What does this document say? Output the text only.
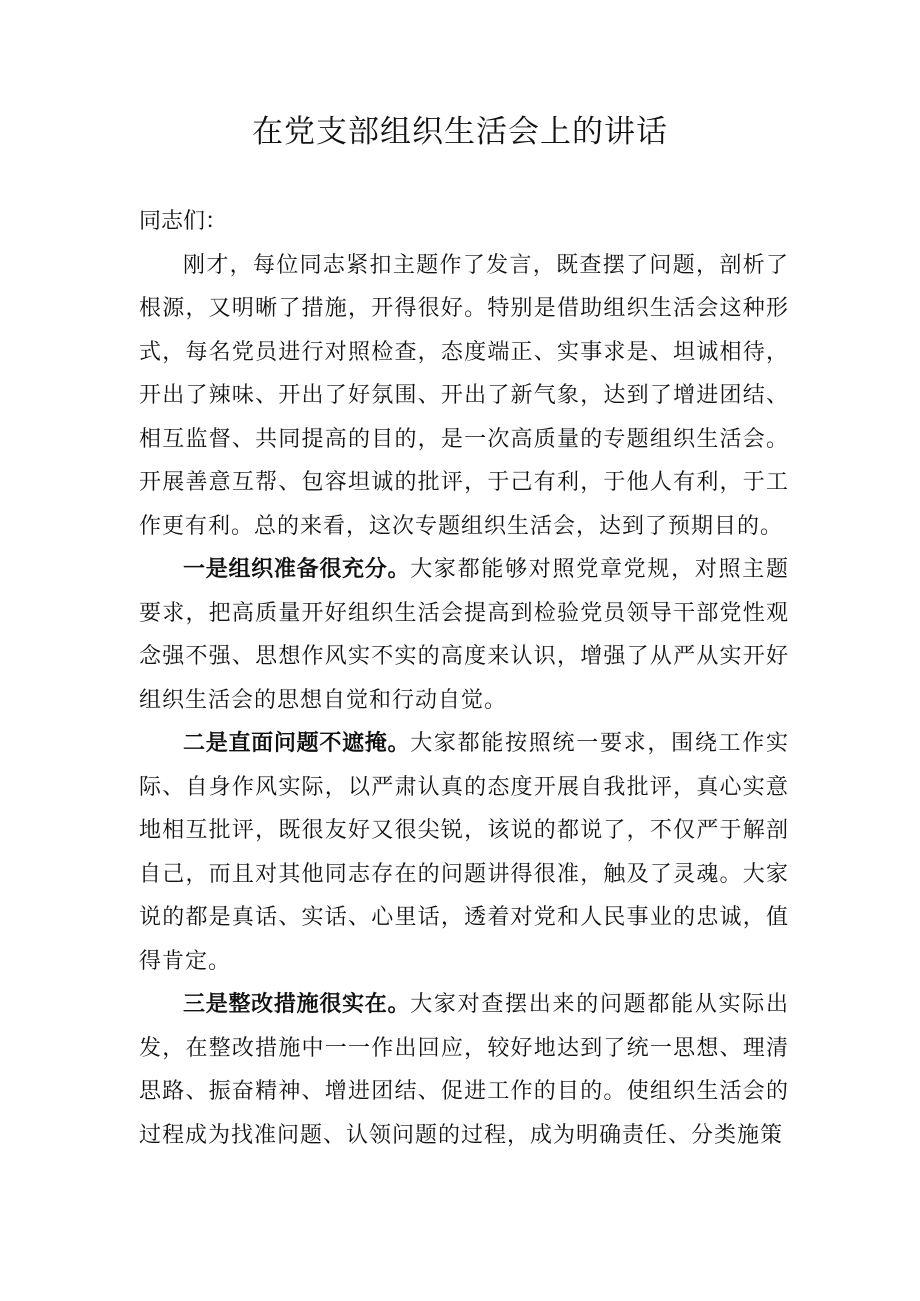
在党支部组织生活会上的讲话

同志们：

刚才，每位同志紧扣主题作了发言，既查摆了问题，剖析了根源，又明晰了措施，开得很好。特别是借助组织生活会这种形式，每名党员进行对照检查，态度端正、实事求是、坦诚相待，开出了辣味、开出了好氛围、开出了新气象，达到了增进团结、相互监督、共同提高的目的，是一次高质量的专题组织生活会。开展善意互帮、包容坦诚的批评，于己有利，于他人有利，于工作更有利。总的来看，这次专题组织生活会，达到了预期目的。

一是组织准备很充分。大家都能够对照党章党规，对照主题要求，把高质量开好组织生活会提高到检验党员领导干部党性观念强不强、思想作风实不实的高度来认识，增强了从严从实开好组织生活会的思想自觉和行动自觉。

二是直面问题不遮掩。大家都能按照统一要求，围绕工作实际、自身作风实际，以严肃认真的态度开展自我批评，真心实意地相互批评，既很友好又很尖锐，该说的都说了，不仅严于解剖自己，而且对其他同志存在的问题讲得很准，触及了灵魂。大家说的都是真话、实话、心里话，透着对党和人民事业的忠诚，值得肯定。

三是整改措施很实在。大家对查摆出来的问题都能从实际出发，在整改措施中一一作出回应，较好地达到了统一思想、理清思路、振奋精神、增进团结、促进工作的目的。使组织生活会的过程成为找准问题、认领问题的过程，成为明确责任、分类施策
